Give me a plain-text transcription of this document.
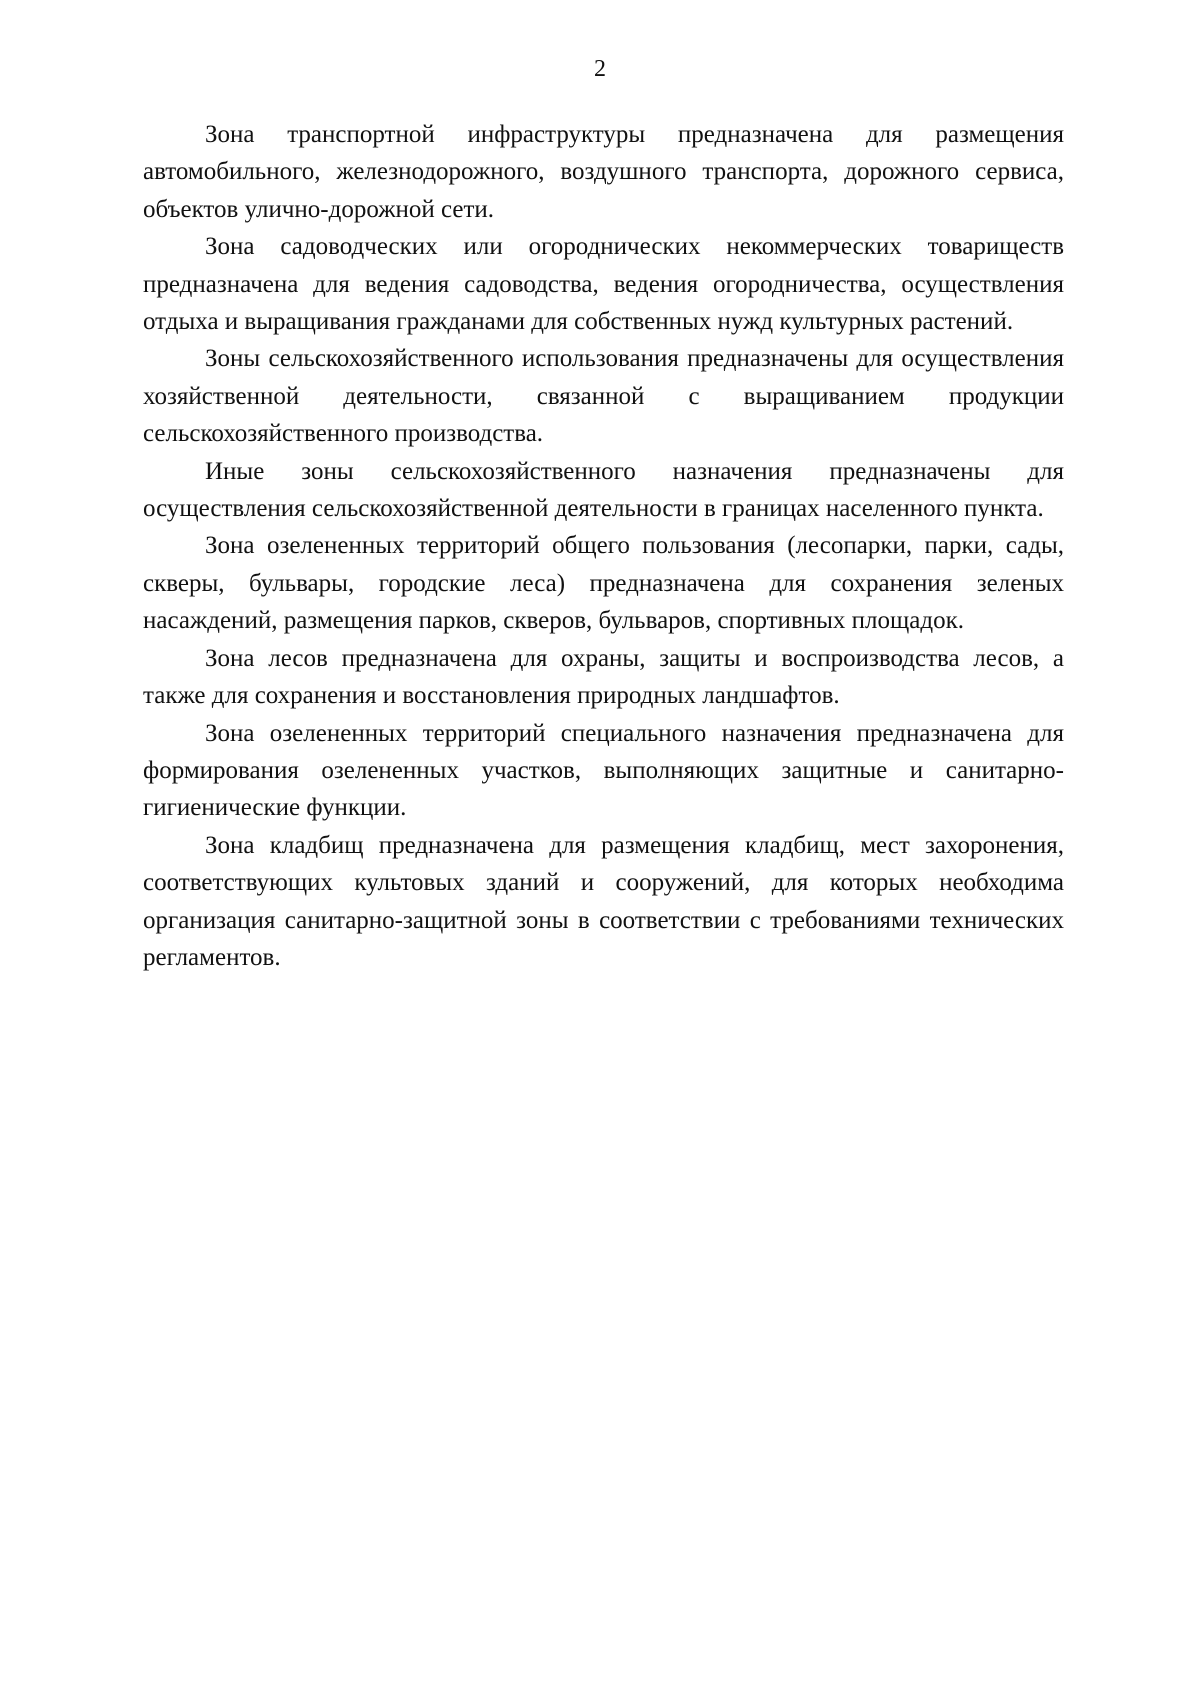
2

Зона транспортной инфраструктуры предназначена для размещения автомобильного, железнодорожного, воздушного транспорта, дорожного сервиса, объектов улично-дорожной сети.

Зона садоводческих или огороднических некоммерческих товариществ предназначена для ведения садоводства, ведения огородничества, осуществления отдыха и выращивания гражданами для собственных нужд культурных растений.

Зоны сельскохозяйственного использования предназначены для осуществления хозяйственной деятельности, связанной с выращиванием продукции сельскохозяйственного производства.

Иные зоны сельскохозяйственного назначения предназначены для осуществления сельскохозяйственной деятельности в границах населенного пункта.

Зона озелененных территорий общего пользования (лесопарки, парки, сады, скверы, бульвары, городские леса) предназначена для сохранения зеленых насаждений, размещения парков, скверов, бульваров, спортивных площадок.

Зона лесов предназначена для охраны, защиты и воспроизводства лесов, а также для сохранения и восстановления природных ландшафтов.

Зона озелененных территорий специального назначения предназначена для формирования озелененных участков, выполняющих защитные и санитарно-гигиенические функции.

Зона кладбищ предназначена для размещения кладбищ, мест захоронения, соответствующих культовых зданий и сооружений, для которых необходима организация санитарно-защитной зоны в соответствии с требованиями технических регламентов.
